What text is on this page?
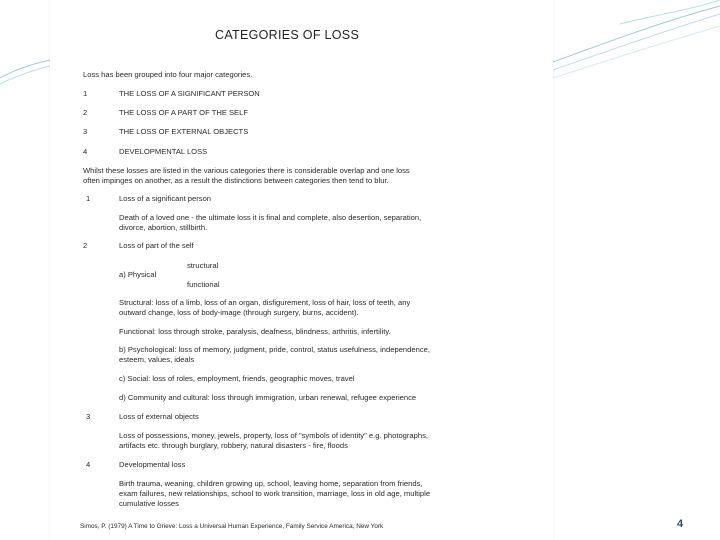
CATEGORIES OF LOSS
Loss has been grouped into four major categories.
1	THE LOSS OF A SIGNIFICANT PERSON
2	THE LOSS OF A PART OF THE SELF
3	THE LOSS OF EXTERNAL OBJECTS
4	DEVELOPMENTAL LOSS
Whilst these losses are listed in the various categories there is considerable overlap and one loss
often impinges on another, as a result the distinctions between categories then tend to blur.
1	Loss of a significant person
Death of a loved one - the ultimate loss it is final and complete, also desertion, separation,
divorce, abortion, stillbirth.
2	Loss of part of the self
structural
a) Physical
functional
Structural: loss of a limb, loss of an organ, disfigurement, loss of hair, loss of teeth, any
outward change, loss of body-image (through surgery, burns, accident).
Functional: loss through stroke, paralysis, deafness, blindness, arthritis, infertility.
b) Psychological: loss of memory, judgment, pride, control, status usefulness, independence,
esteem, values, ideals
c) Social: loss of roles, employment, friends, geographic moves, travel
d) Community and cultural: loss through immigration, urban renewal, refugee experience
3	Loss of external objects
Loss of possessions, money, jewels, property, loss of "symbols of identity" e.g. photographs,
artifacts etc. through burglary, robbery, natural disasters - fire, floods
4	Developmental loss
Birth trauma, weaning, children growing up, school, leaving home, separation from friends,
exam failures, new relationships, school to work transition, marriage, loss in old age, multiple
cumulative losses
Simos, P. (1979) A Time to Grieve: Loss a Universal Human Experience, Family Service America, New York	4
